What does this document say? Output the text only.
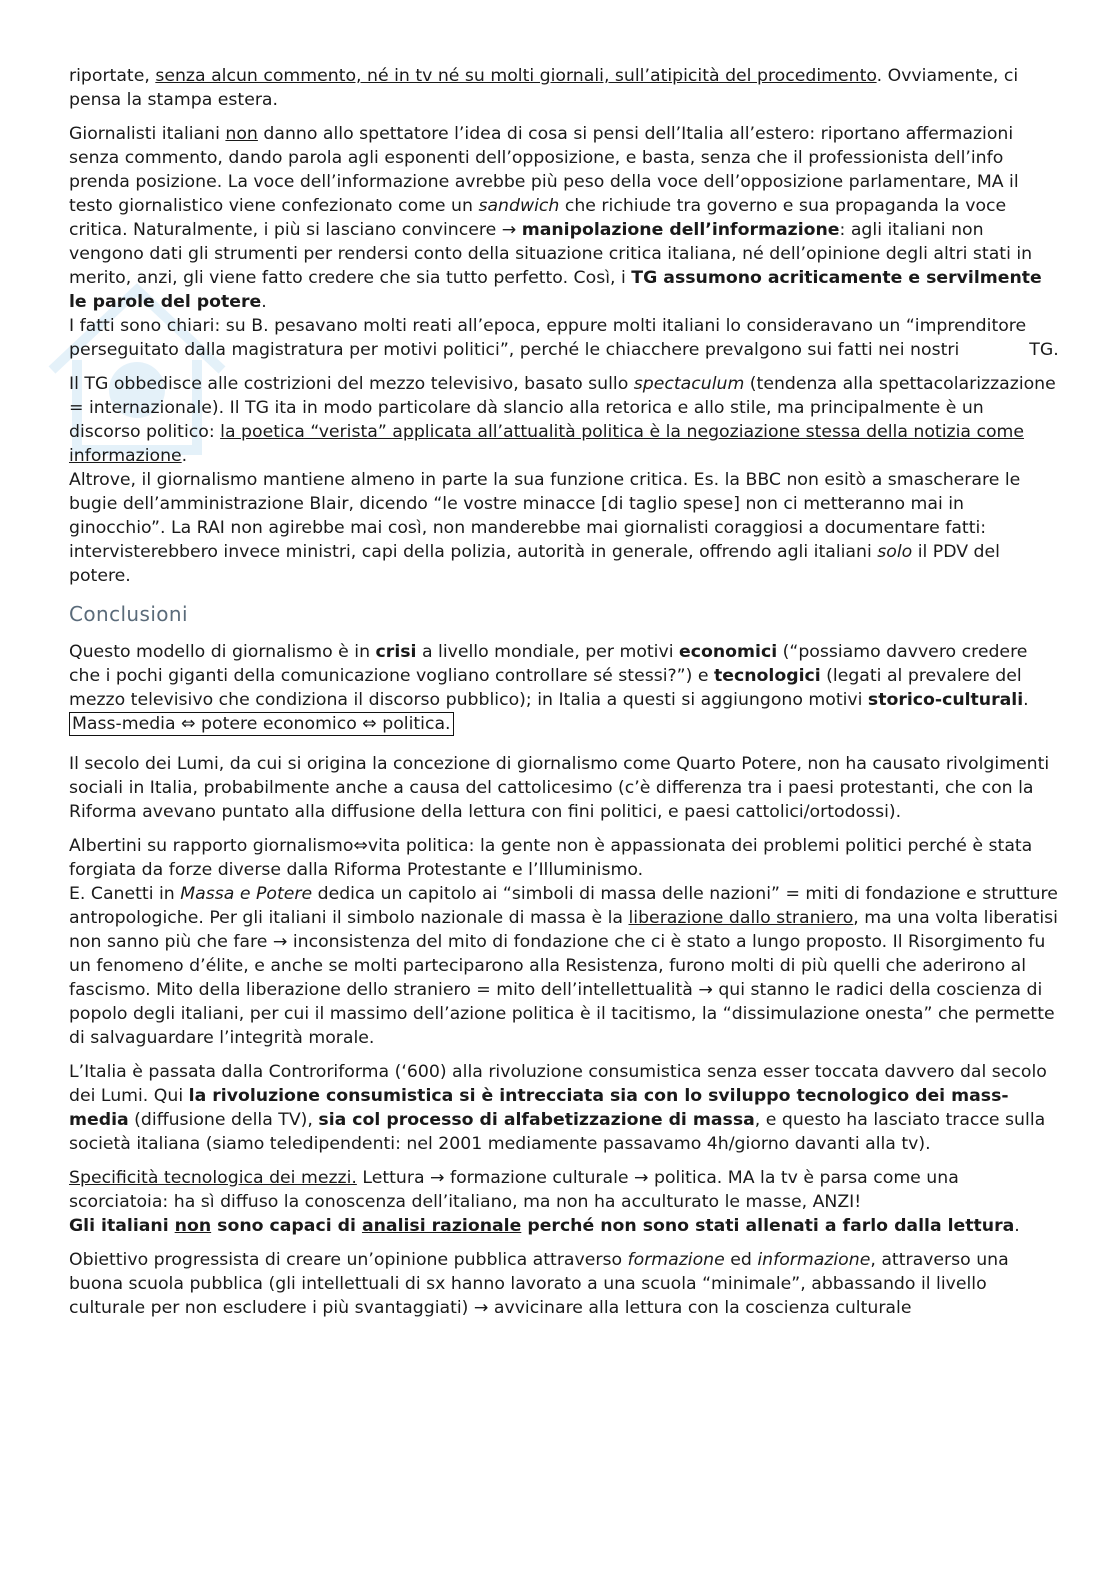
riportate, senza alcun commento, né in tv né su molti giornali, sull’atipicità del procedimento. Ovviamente, ci pensa la stampa estera.

Giornalisti italiani non danno allo spettatore l’idea di cosa si pensi dell’Italia all’estero: riportano affermazioni senza commento, dando parola agli esponenti dell’opposizione, e basta, senza che il professionista dell’info prenda posizione. La voce dell’informazione avrebbe più peso della voce dell’opposizione parlamentare, MA il testo giornalistico viene confezionato come un sandwich che richiude tra governo e sua propaganda la voce critica. Naturalmente, i più si lasciano convincere → manipolazione dell’informazione: agli italiani non vengono dati gli strumenti per rendersi conto della situazione critica italiana, né dell’opinione degli altri stati in merito, anzi, gli viene fatto credere che sia tutto perfetto. Così, i TG assumono acriticamente e servilmente le parole del potere.
I fatti sono chiari: su B. pesavano molti reati all’epoca, eppure molti italiani lo consideravano un “imprenditore perseguitato dalla magistratura per motivi politici”, perché le chiacchere prevalgono sui fatti nei nostri	TG.

Il TG obbedisce alle costrizioni del mezzo televisivo, basato sullo spectaculum (tendenza alla spettacolarizzazione = internazionale). Il TG ita in modo particolare dà slancio alla retorica e allo stile, ma principalmente è un discorso politico: la poetica “verista” applicata all’attualità politica è la negoziazione stessa della notizia come informazione.
Altrove, il giornalismo mantiene almeno in parte la sua funzione critica. Es. la BBC non esitò a smascherare le bugie dell’amministrazione Blair, dicendo “le vostre minacce [di taglio spese] non ci metteranno mai in ginocchio”. La RAI non agirebbe mai così, non manderebbe mai giornalisti coraggiosi a documentare fatti: intervisterebbero invece ministri, capi della polizia, autorità in generale, offrendo agli italiani solo il PDV del potere.

Conclusioni

Questo modello di giornalismo è in crisi a livello mondiale, per motivi economici (“possiamo davvero credere che i pochi giganti della comunicazione vogliano controllare sé stessi?”) e tecnologici (legati al prevalere del mezzo televisivo che condiziona il discorso pubblico); in Italia a questi si aggiungono motivi storico-culturali.
Mass-media ⇔ potere economico ⇔ politica.

Il secolo dei Lumi, da cui si origina la concezione di giornalismo come Quarto Potere, non ha causato rivolgimenti sociali in Italia, probabilmente anche a causa del cattolicesimo (c’è differenza tra i paesi protestanti, che con la Riforma avevano puntato alla diffusione della lettura con fini politici, e paesi cattolici/ortodossi).

Albertini su rapporto giornalismo⇔vita politica: la gente non è appassionata dei problemi politici perché è stata forgiata da forze diverse dalla Riforma Protestante e l’Illuminismo.
E. Canetti in Massa e Potere dedica un capitolo ai “simboli di massa delle nazioni” = miti di fondazione e strutture antropologiche. Per gli italiani il simbolo nazionale di massa è la liberazione dallo straniero, ma una volta liberatisi non sanno più che fare → inconsistenza del mito di fondazione che ci è stato a lungo proposto. Il Risorgimento fu un fenomeno d’élite, e anche se molti parteciparono alla Resistenza, furono molti di più quelli che aderirono al fascismo. Mito della liberazione dello straniero = mito dell’intellettualità → qui stanno le radici della coscienza di popolo degli italiani, per cui il massimo dell’azione politica è il tacitismo, la “dissimulazione onesta” che permette di salvaguardare l’integrità morale.

L’Italia è passata dalla Controriforma (‘600) alla rivoluzione consumistica senza esser toccata davvero dal secolo dei Lumi. Qui la rivoluzione consumistica si è intrecciata sia con lo sviluppo tecnologico dei mass-media (diffusione della TV), sia col processo di alfabetizzazione di massa, e questo ha lasciato tracce sulla società italiana (siamo teledipendenti: nel 2001 mediamente passavamo 4h/giorno davanti alla tv).

Specificità tecnologica dei mezzi. Lettura → formazione culturale → politica. MA la tv è parsa come una scorciatoia: ha sì diffuso la conoscenza dell’italiano, ma non ha acculturato le masse, ANZI!
Gli italiani non sono capaci di analisi razionale perché non sono stati allenati a farlo dalla lettura.

Obiettivo progressista di creare un’opinione pubblica attraverso formazione ed informazione, attraverso una buona scuola pubblica (gli intellettuali di sx hanno lavorato a una scuola “minimale”, abbassando il livello culturale per non escludere i più svantaggiati) → avvicinare alla lettura con la coscienza culturale
